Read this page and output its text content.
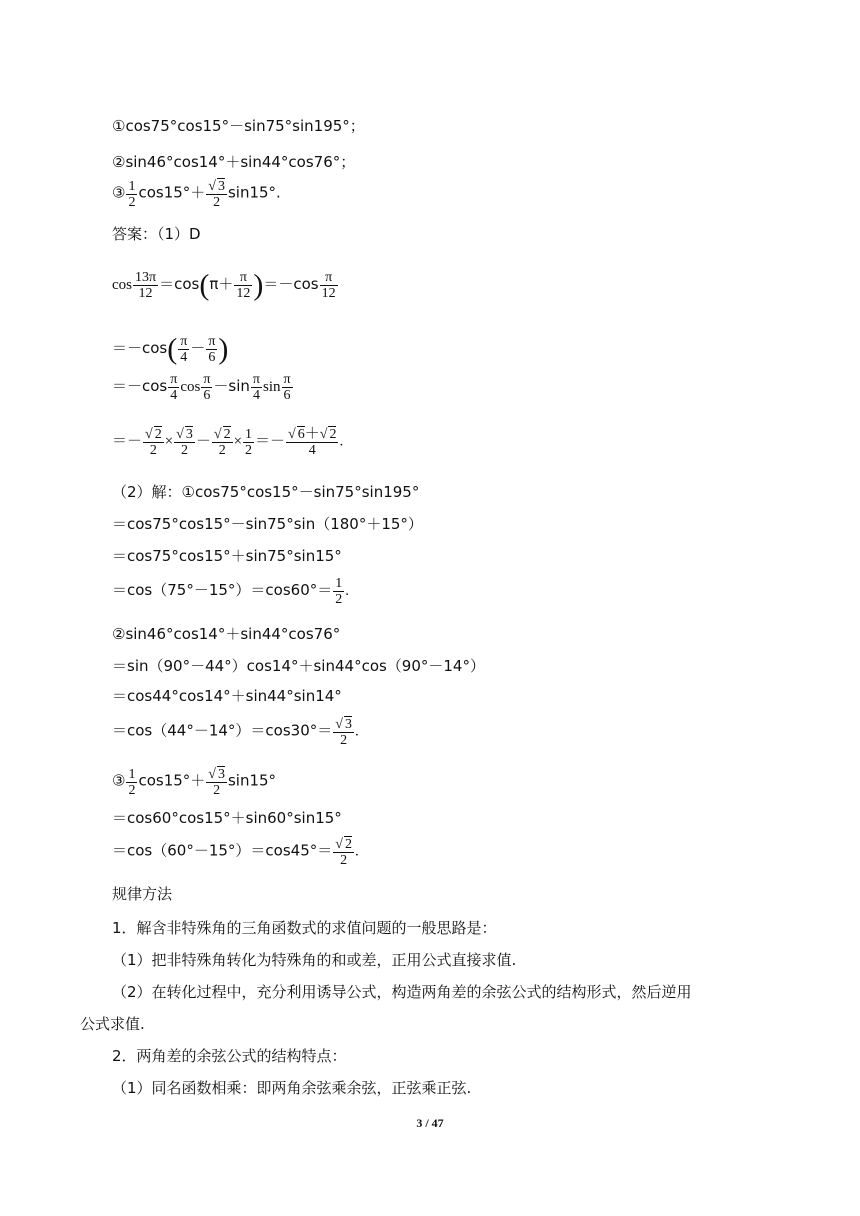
①cos75°cos15°－sin75°sin195°；
②sin46°cos14°＋sin44°cos76°；
③ $\frac{1}{2} \cos 15^\circ+ \frac{√ 3}{2} \sin 15^\circ$.
答案：（1）D
$\cos \frac{13\pi}{12} =\cos(\pi+ \frac{\pi}{12} )=-\cos \frac{\pi}{12}$
$=-\cos( \frac{\pi}{4} - \frac{\pi}{6}$ )
$=-\cos \frac{\pi}{4}$ $\cos \frac{\pi}{6} -\sin \frac{\pi}{4}$ $\sin \frac{\pi}{6}$
＝－ $\frac{√ 2}{2} \times \frac{√ 3}{2} - \frac{√ 2}{2} \times \frac{1}{2} =- \frac{√ 6+√ 2}{4}$ .
（2）解：①cos75°cos15°－sin75°sin195°
＝cos75°cos15°－sin75°sin（180°＋15°）
＝cos75°cos15°＋sin75°sin15°
$=\cos(75^\circ-15^\circ)=\cos 60^\circ= \frac{1}{2}$ .
②sin46°cos14°＋sin44°cos76°
＝sin（90°－44°）cos14°＋sin44°cos（90°－14°）
＝cos44°cos14°＋sin44°sin14°
$=\cos(44^\circ-14^\circ)=\cos 30^\circ= \frac{√ 3}{2}$ .
③ $\frac{1}{2} \cos 15^\circ+ \frac{√ 3}{2} \sin 15^\circ$
＝cos60°cos15°＋sin60°sin15°
$=\cos(60^\circ-15^\circ)=\cos 45^\circ= \frac{√ 2}{2}$ .
规律方法
1．解含非特殊角的三角函数式的求值问题的一般思路是：
（1）把非特殊角转化为特殊角的和或差，正用公式直接求值.
（2）在转化过程中，充分利用诱导公式，构造两角差的余弦公式的结构形式，然后逆用
公式求值.
2．两角差的余弦公式的结构特点：
（1）同名函数相乘：即两角余弦乘余弦，正弦乘正弦.
3 / 47
